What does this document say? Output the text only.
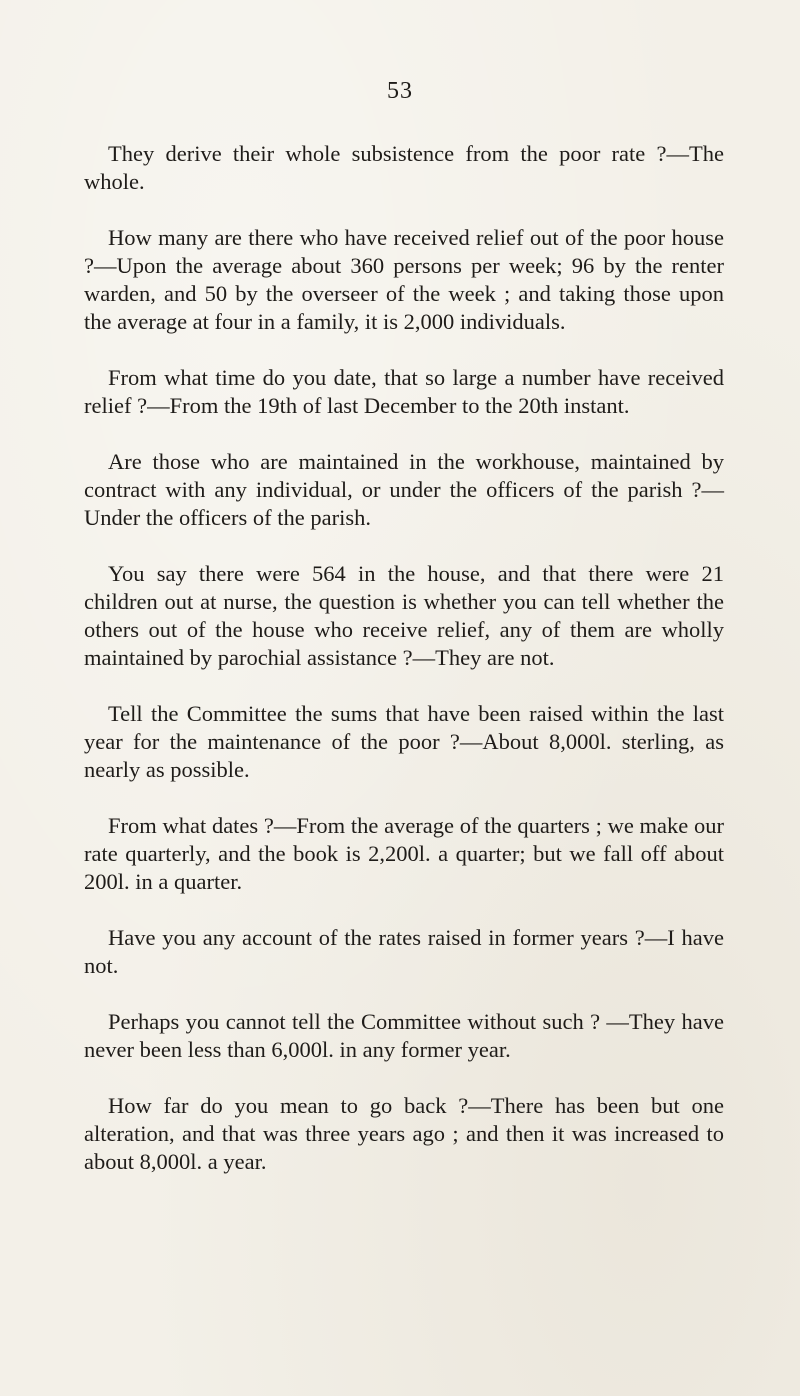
53

They derive their whole subsistence from the poor rate ?—The whole.

How many are there who have received relief out of the poor house ?—Upon the average about 360 persons per week; 96 by the renter warden, and 50 by the overseer of the week ; and taking those upon the average at four in a family, it is 2,000 individuals.

From what time do you date, that so large a number have received relief ?—From the 19th of last December to the 20th instant.

Are those who are maintained in the workhouse, maintained by contract with any individual, or under the officers of the parish ?—Under the officers of the parish.

You say there were 564 in the house, and that there were 21 children out at nurse, the question is whether you can tell whether the others out of the house who receive relief, any of them are wholly maintained by parochial assistance ?—They are not.

Tell the Committee the sums that have been raised within the last year for the maintenance of the poor ?—About 8,000l. sterling, as nearly as possible.

From what dates ?—From the average of the quarters ; we make our rate quarterly, and the book is 2,200l. a quarter; but we fall off about 200l. in a quarter.

Have you any account of the rates raised in former years ?—I have not.

Perhaps you cannot tell the Committee without such ? —They have never been less than 6,000l. in any former year.

How far do you mean to go back ?—There has been but one alteration, and that was three years ago ; and then it was increased to about 8,000l. a year.
